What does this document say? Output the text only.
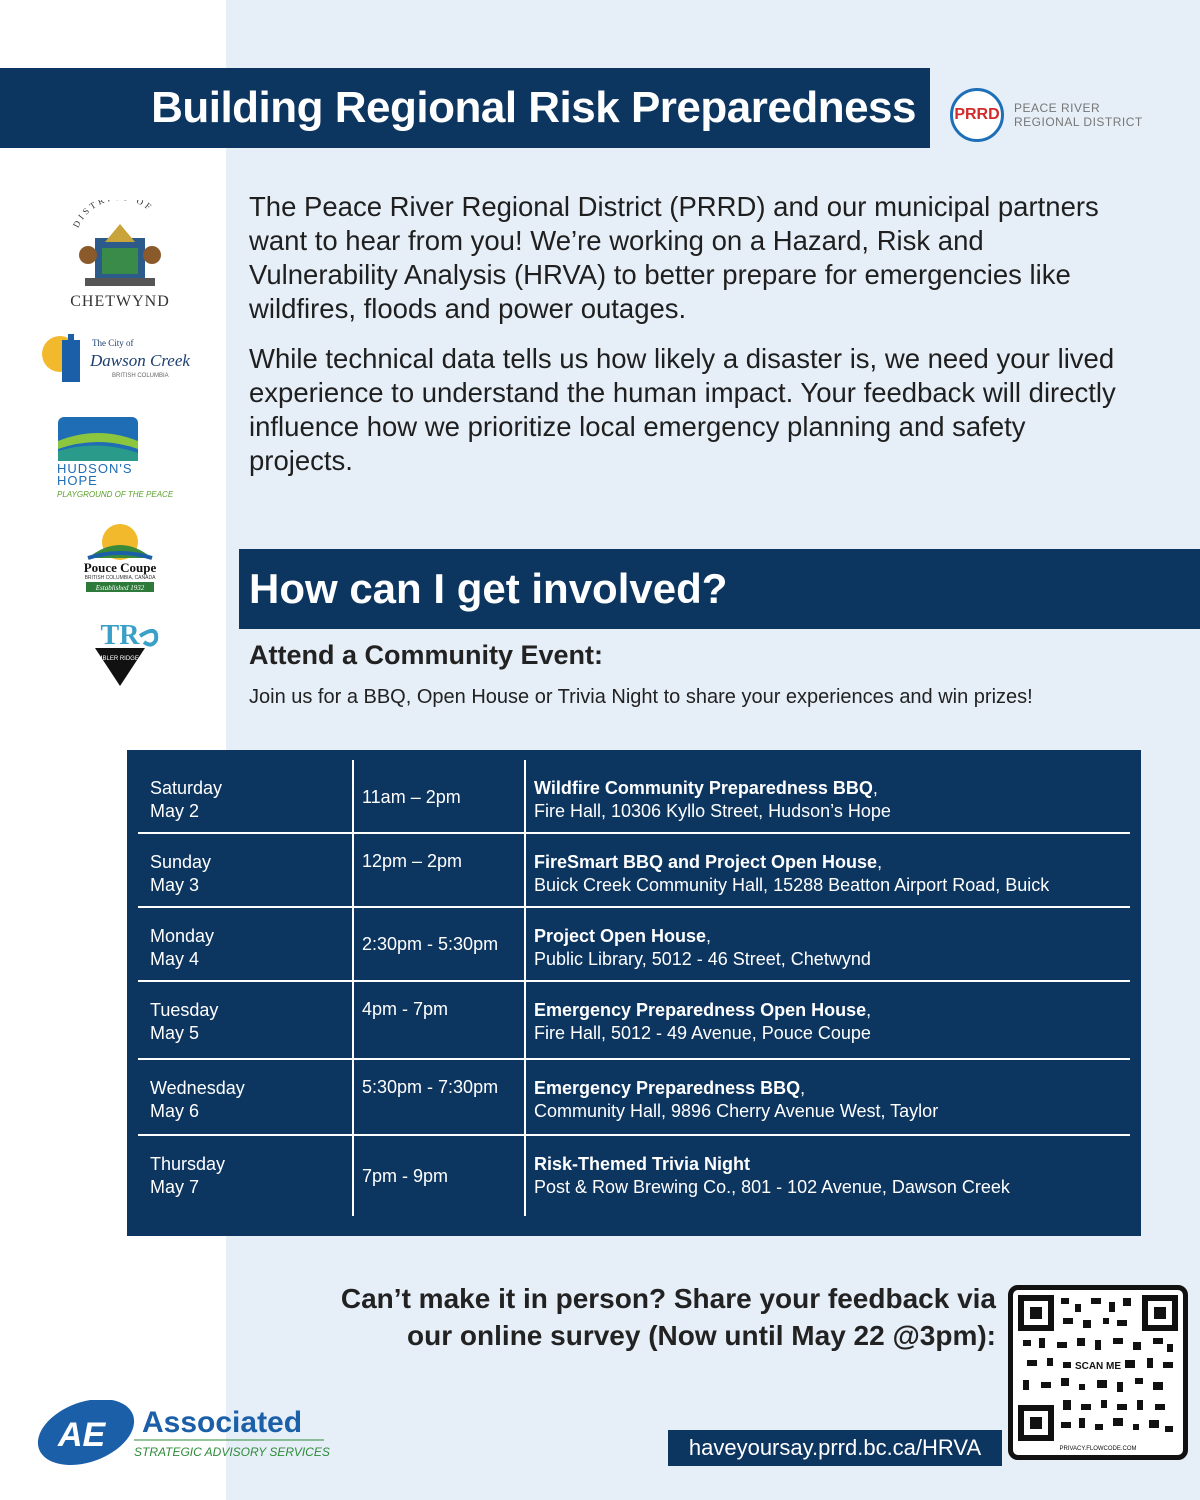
Building Regional Risk Preparedness PRRD PEACE RIVER
REGIONAL DISTRICT
DISTR OF
CHETWYND
The City of
Dawson Creek
BRITISH COLUMBIA
HUDSON'S
HOPE
PLAYGROUND OF THE PEACE
Pouce Coupe
BRITISH COLUMBIA, CANADA
Established 1932
TR
TUMBLER RIDGE, BC

The Peace River Regional District (PRRD) and our municipal partners want to hear from you! We’re working on a Hazard, Risk and Vulnerability Analysis (HRVA) to better prepare for emergencies like wildfires, floods and power outages.

While technical data tells us how likely a disaster is, we need your lived experience to understand the human impact. Your feedback will directly influence how we prioritize local emergency planning and safety projects.

How can I get involved?
Attend a Community Event:
Join us for a BBQ, Open House or Trivia Night to share your experiences and win prizes!
Saturday
May 2
11am – 2pm	Wildfire Community Preparedness BBQ,
Fire Hall, 10306 Kyllo Street, Hudson’s Hope
Sunday
May 3
12pm – 2pm	FireSmart BBQ and Project Open House,
Buick Creek Community Hall, 15288 Beatton Airport Road, Buick
Monday
May 4
2:30pm - 5:30pm Project Open House,
Public Library, 5012 - 46 Street, Chetwynd
Tuesday
May 5
4pm - 7pm	Emergency Preparedness Open House,
Fire Hall, 5012 - 49 Avenue, Pouce Coupe
Wednesday
May 6
5:30pm - 7:30pm Emergency Preparedness BBQ,
Community Hall, 9896 Cherry Avenue West, Taylor
Thursday
May 7
7pm - 9pm
Risk-Themed Trivia Night
Post & Row Brewing Co., 801 - 102 Avenue, Dawson Creek
Can’t make it in person? Share your feedback via
our online survey (Now until May 22 @3pm):
haveyoursay.prrd.bc.ca/HRVA
SCAN ME
PRIVACY.FLOWCODE.COM
AE Associated
STRATEGIC ADVISORY SERVICES
